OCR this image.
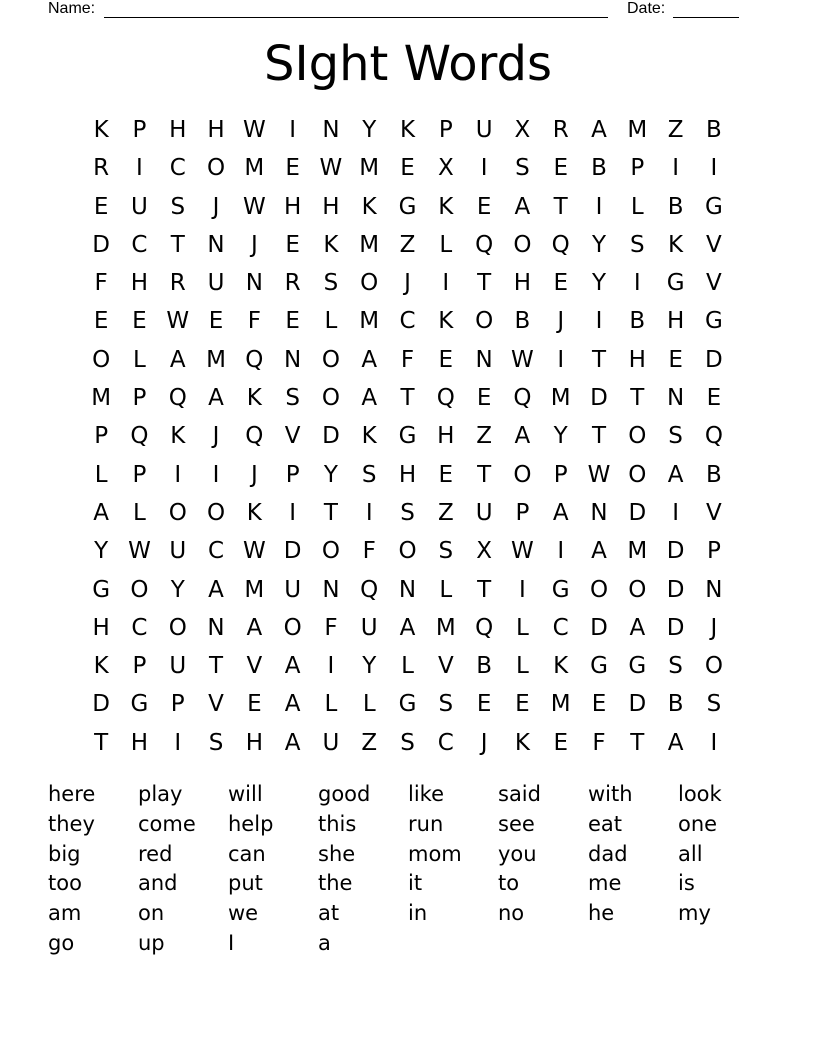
Name:	Date:
SIght Words
K	P H H W	I	N Y	K	P U X R A M Z B
R	I	C O M E W M E	X	I	S	E	B	P	I	I
E U S	J	W H H K G K	E	A	T	I	L	B G
D C	T N	J	E	K M Z	L Q O Q Y	S	K V
F	H R U N R	S O	J	I	T H E	Y	I	G V
E	E W E	F	E	L M C K O B	J	I	B H G
O L	A M Q N O A	F	E N W	I	T H E D
M P Q A K	S O A	T Q E Q M D T N E
P Q K	J	Q V D K G H Z A	Y	T O S Q
L	P	I	I	J	P	Y	S H E	T O P W O A B
A	L O O K	I	T	I	S	Z U P	A N D	I	V
Y W U C W D O F O S	X W	I	A M D P
G O Y	A M U N Q N	L	T	I	G O O D N
H C O N A O F	U A M Q L	C D A D	J
K	P U T	V A	I	Y	L	V B	L	K G G S O
D G P	V	E	A	L	L G S	E	E M E D B	S
T H	I	S H A U Z	S C	J	K	E	F	T	A	I
here	play	will	good	like	said	with	look
they	come	help	this	run	see	eat	one
big	red	can	she	mom	you	dad	all
too	and	put	the	it	to	me	is
am	on	we	at	in	no	he	my
go	up	I	a
